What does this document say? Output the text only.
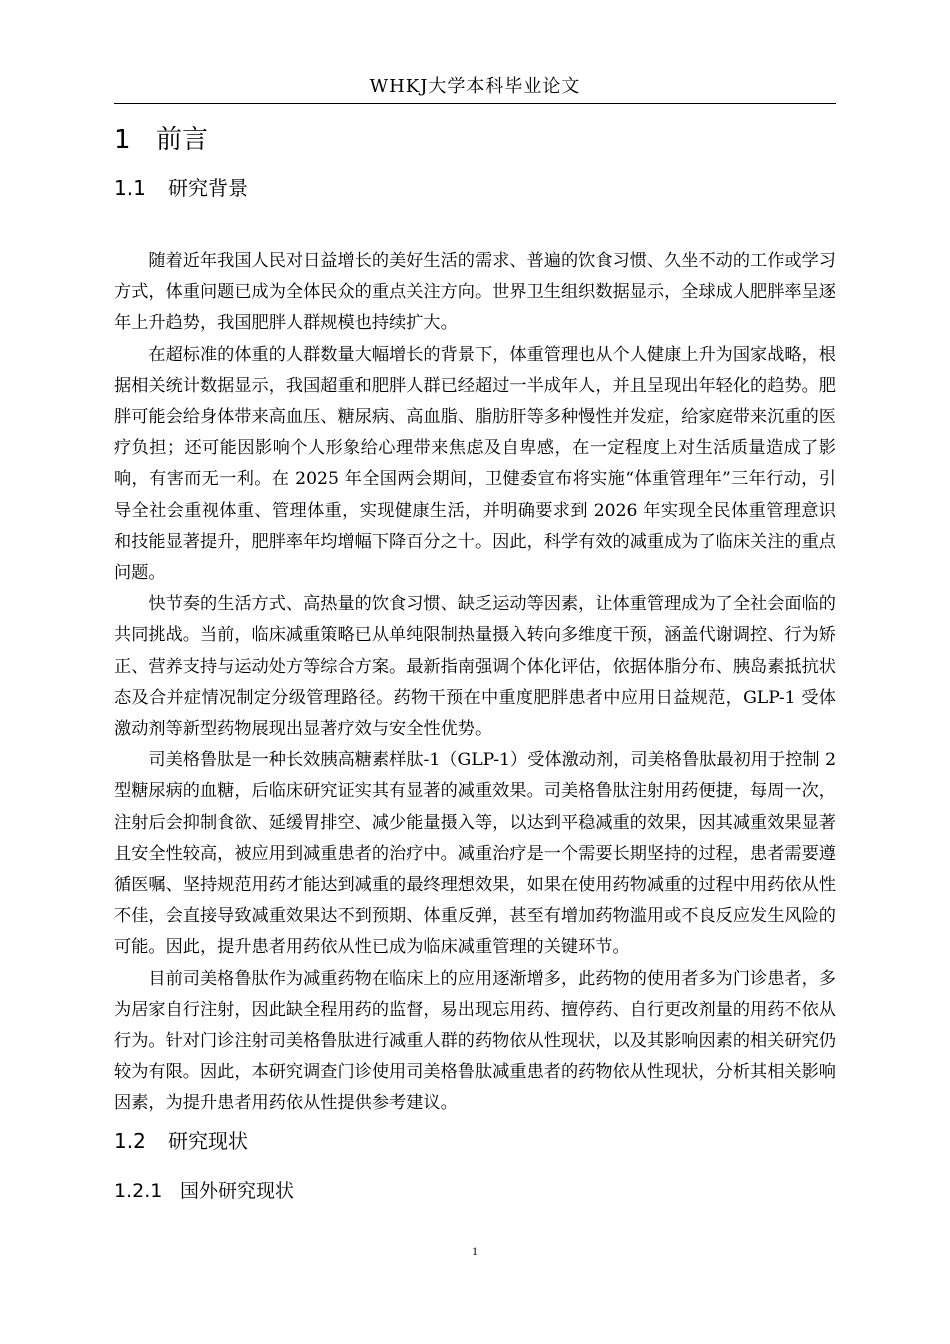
WHKJ大学本科毕业论文
1 前言
1.1 研究背景

随着近年我国人民对日益增长的美好生活的需求、普遍的饮食习惯、久坐不动的工作或学习方式，体重问题已成为全体民众的重点关注方向。世界卫生组织数据显示，全球成人肥胖率呈逐年上升趋势，我国肥胖人群规模也持续扩大。

在超标准的体重的人群数量大幅增长的背景下，体重管理也从个人健康上升为国家战略，根据相关统计数据显示，我国超重和肥胖人群已经超过一半成年人，并且呈现出年轻化的趋势。肥胖可能会给身体带来高血压、糖尿病、高血脂、脂肪肝等多种慢性并发症，给家庭带来沉重的医疗负担；还可能因影响个人形象给心理带来焦虑及自卑感，在一定程度上对生活质量造成了影响，有害而无一利。在 2025 年全国两会期间，卫健委宣布将实施“体重管理年”三年行动，引导全社会重视体重、管理体重，实现健康生活，并明确要求到 2026 年实现全民体重管理意识和技能显著提升，肥胖率年均增幅下降百分之十。因此，科学有效的减重成为了临床关注的重点问题。

快节奏的生活方式、高热量的饮食习惯、缺乏运动等因素，让体重管理成为了全社会面临的共同挑战。当前，临床减重策略已从单纯限制热量摄入转向多维度干预，涵盖代谢调控、行为矫正、营养支持与运动处方等综合方案。最新指南强调个体化评估，依据体脂分布、胰岛素抵抗状态及合并症情况制定分级管理路径。药物干预在中重度肥胖患者中应用日益规范，GLP-1 受体激动剂等新型药物展现出显著疗效与安全性优势。

司美格鲁肽是一种长效胰高糖素样肽-1（GLP-1）受体激动剂，司美格鲁肽最初用于控制 2 型糖尿病的血糖，后临床研究证实其有显著的减重效果。司美格鲁肽注射用药便捷，每周一次，注射后会抑制食欲、延缓胃排空、减少能量摄入等，以达到平稳减重的效果，因其减重效果显著且安全性较高，被应用到减重患者的治疗中。减重治疗是一个需要长期坚持的过程，患者需要遵循医嘱、坚持规范用药才能达到减重的最终理想效果，如果在使用药物减重的过程中用药依从性不佳，会直接导致减重效果达不到预期、体重反弹，甚至有增加药物滥用或不良反应发生风险的可能。因此，提升患者用药依从性已成为临床减重管理的关键环节。

目前司美格鲁肽作为减重药物在临床上的应用逐渐增多，此药物的使用者多为门诊患者，多为居家自行注射，因此缺全程用药的监督，易出现忘用药、擅停药、自行更改剂量的用药不依从行为。针对门诊注射司美格鲁肽进行减重人群的药物依从性现状，以及其影响因素的相关研究仍较为有限。因此，本研究调查门诊使用司美格鲁肽减重患者的药物依从性现状，分析其相关影响因素，为提升患者用药依从性提供参考建议。

1.2 研究现状
1.2.1 国外研究现状
1
